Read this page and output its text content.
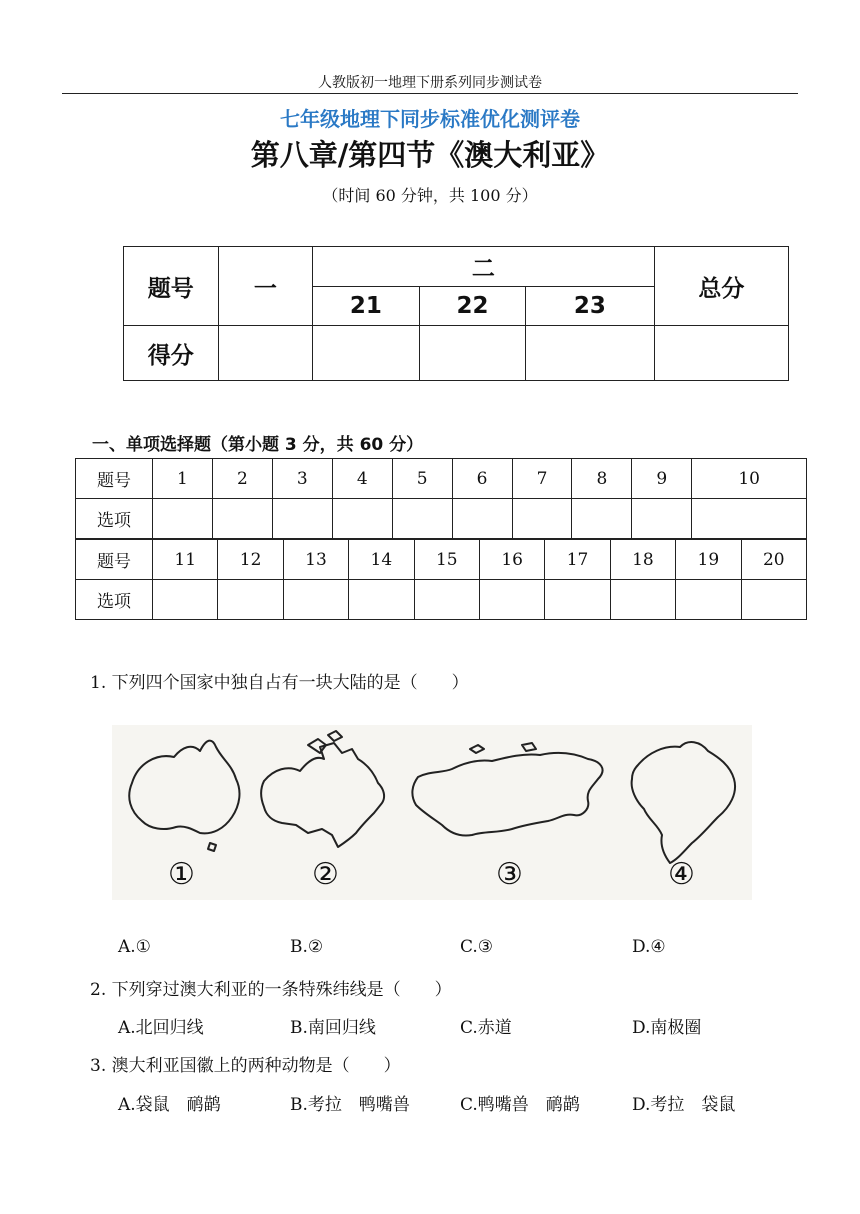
人教版初一地理下册系列同步测试卷
七年级地理下同步标准优化测评卷
第八章/第四节《澳大利亚》
（时间 60 分钟，共 100 分）
题号	一	二			总分
		21	22	23	
得分					
一、单项选择题（第小题 3 分，共 60 分）
题号	1	2	3	4	5	6	7	8	9	10
选项										
题号	11	12	13	14	15	16	17	18	19	20
选项										
1. 下列四个国家中独自占有一块大陆的是（　　）
①	②	③	④
A.①	B.②	C.③	D.④
2. 下列穿过澳大利亚的一条特殊纬线是（　　）
A.北回归线	B.南回归线	C.赤道	D.南极圈
3. 澳大利亚国徽上的两种动物是（　　）
A.袋鼠　鸸鹋	B.考拉　鸭嘴兽	C.鸭嘴兽　鸸鹋	D.考拉　袋鼠
